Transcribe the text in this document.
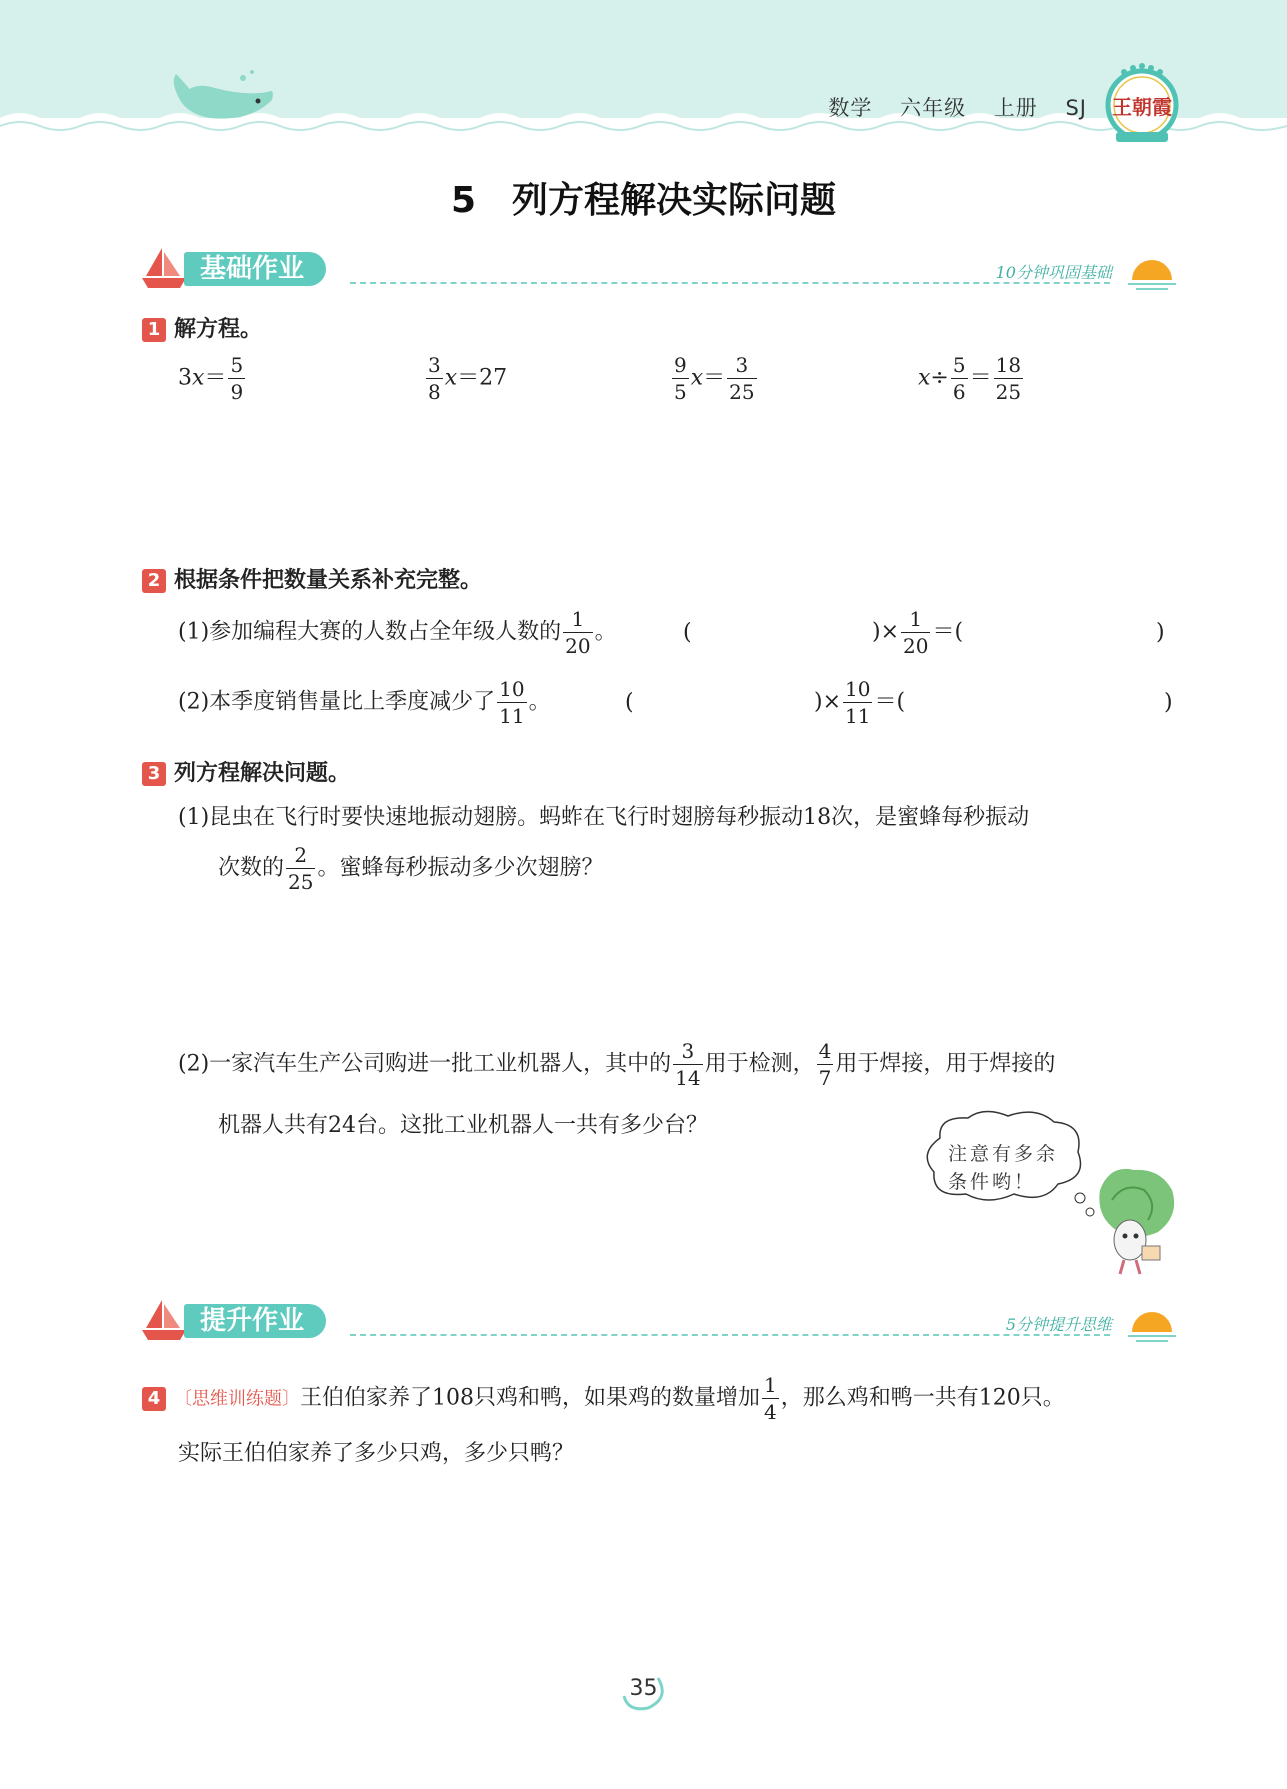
数学 六年级 上册 SJ 王朝霞
5　列方程解决实际问题
基础作业	10分钟巩固基础
1 解方程。
$3x= \frac{5}{9}$	$\frac{3}{8} x=27$	$\frac{9}{5} x= \frac{3}{25}$	$x\div \frac{5}{6} = \frac{18}{25}$
2 根据条件把数量关系补充完整。
(1)参加编程大赛的人数占全年级人数的 $\frac{1}{20}$ 。	(	)× $\frac{1}{20}$ ＝(	)
(2)本季度销售量比上季度减少了 $\frac{10}{11}$ 。	(	)× $\frac{10}{11}$ ＝(	)
3 列方程解决问题。
(1)昆虫在飞行时要快速地振动翅膀。蚂蚱在飞行时翅膀每秒振动18次，是蜜蜂每秒振动
次数的 $\frac{2}{25}$ 。蜜蜂每秒振动多少次翅膀？
(2)一家汽车生产公司购进一批工业机器人，其中的 $\frac{3}{14}$ 用于检测， $\frac{4}{7}$ 用于焊接，用于焊接的
机器人共有24台。这批工业机器人一共有多少台？
注意有多余
条件哟！
提升作业	5分钟提升思维
4 〔思维训练题〕王伯伯家养了108只鸡和鸭，如果鸡的数量增加 $\frac{1}{4}$ ，那么鸡和鸭一共有120只。
实际王伯伯家养了多少只鸡，多少只鸭？
35
